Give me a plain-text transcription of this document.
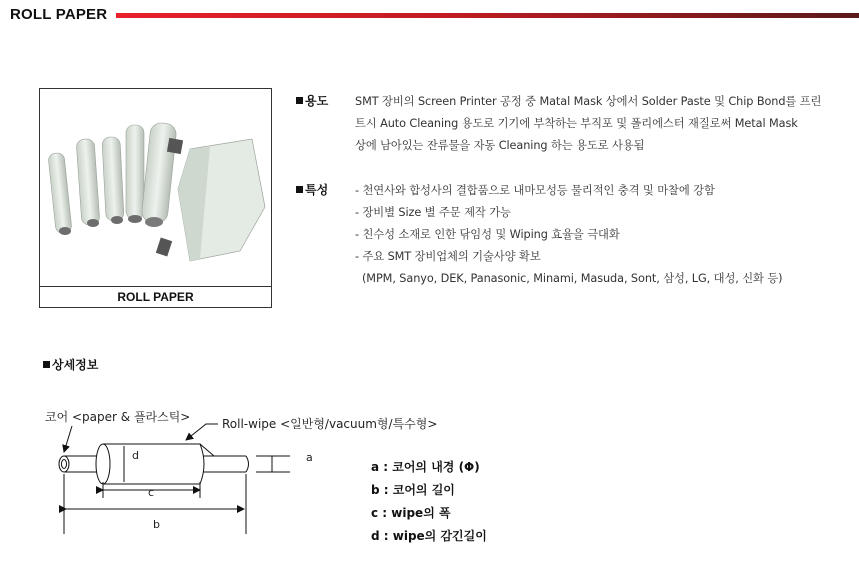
ROLL PAPER
ROLL PAPER
용도 SMT 장비의 Screen Printer 공정 중 Matal Mask 상에서 Solder Paste 및 Chip Bond를 프린
트시 Auto Cleaning 용도로 기기에 부착하는 부직포 및 폴리에스터 재질로써 Metal Mask
상에 남아있는 잔류물을 자동 Cleaning 하는 용도로 사용됨
특성 - 천연사와 합성사의 결합품으로 내마모성등 물리적인 충격 및 마찰에 강함
- 장비별 Size 별 주문 제작 가능
- 친수성 소재로 인한 닦임성 및 Wiping 효율을 극대화
- 주요 SMT 장비업체의 기술사양 확보
(MPM, Sanyo, DEK, Panasonic, Minami, Masuda, Sont, 삼성, LG, 대성, 신화 등)
상세정보
코어 <paper & 플라스틱>	Roll-wipe <일반형/vacuum형/특수형>
d	a
c
b
a : 코어의 내경 (Φ)
b : 코어의 길이
c : wipe의 폭
d : wipe의 감긴길이
